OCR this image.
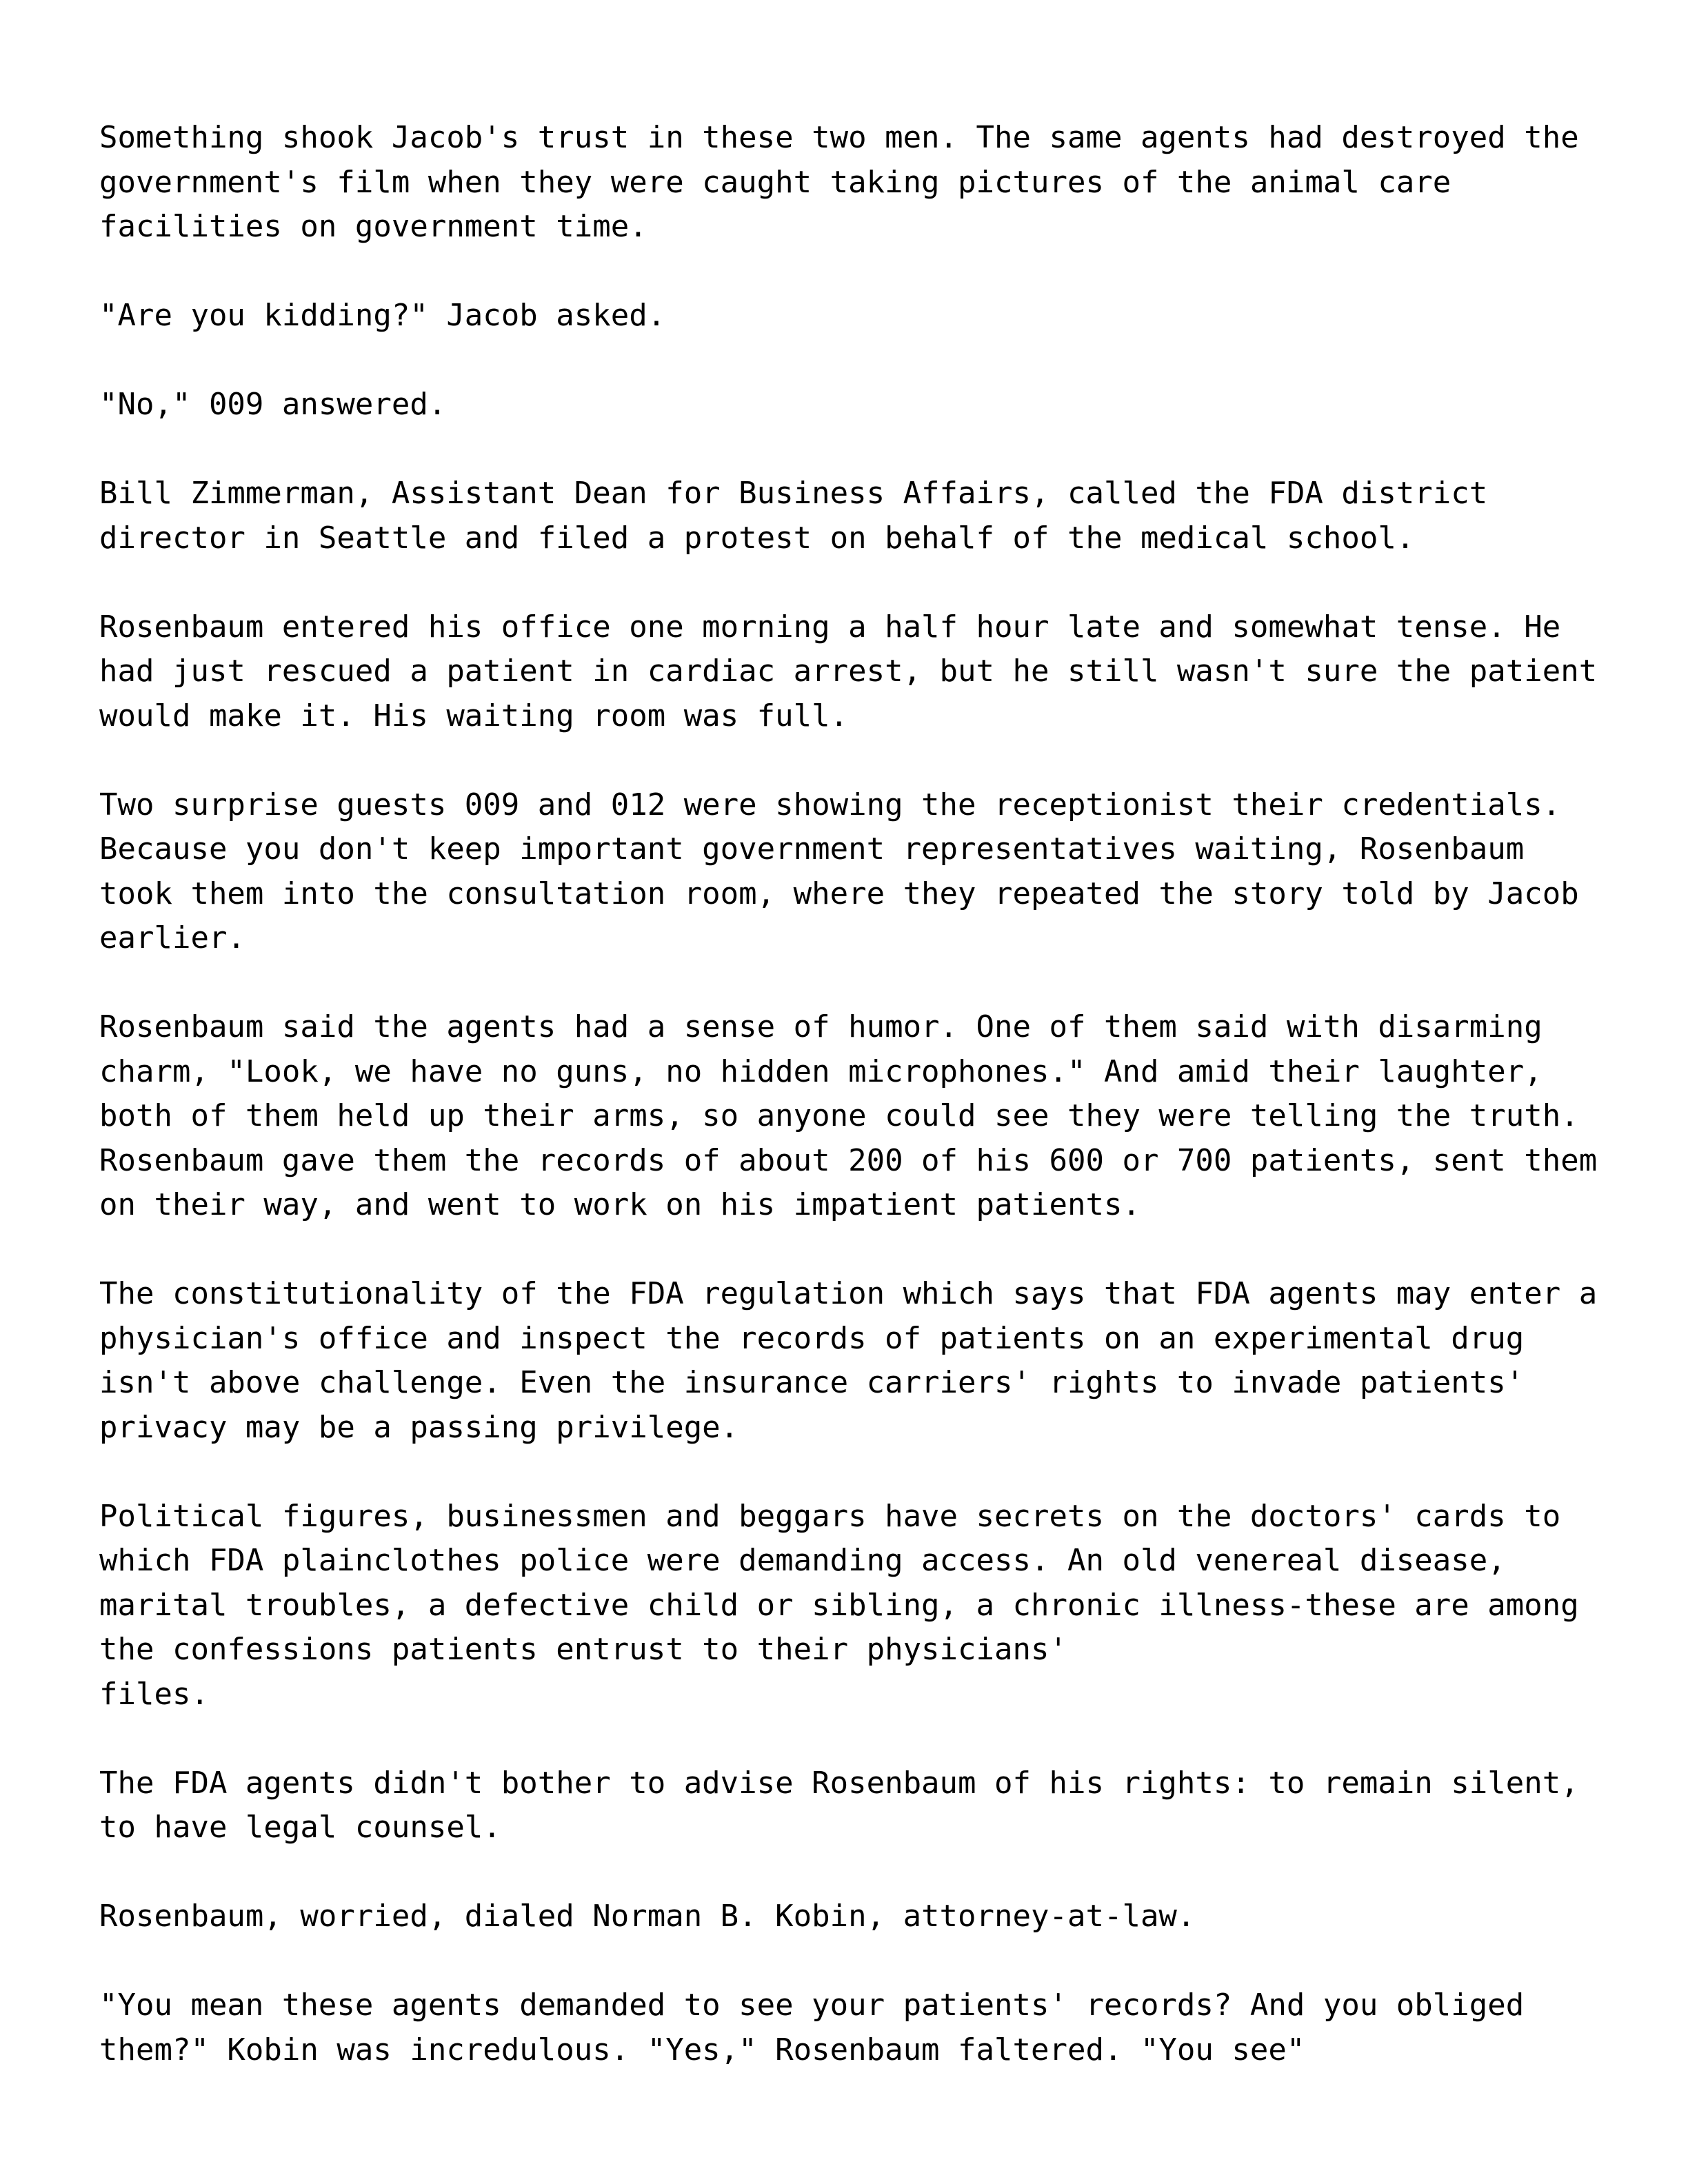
Something shook Jacob's trust in these two men. The same agents had destroyed the government's film when they were caught taking pictures of the animal care facilities on government time.

"Are you kidding?" Jacob asked.

"No," 009 answered.

Bill Zimmerman, Assistant Dean for Business Affairs, called the FDA district director in Seattle and filed a protest on behalf of the medical school.

Rosenbaum entered his office one morning a half hour late and somewhat tense. He had just rescued a patient in cardiac arrest, but he still wasn't sure the patient would make it. His waiting room was full.

Two surprise guests 009 and 012 were showing the receptionist their credentials. Because you don't keep important government representatives waiting, Rosenbaum took them into the consultation room, where they repeated the story told by Jacob earlier.

Rosenbaum said the agents had a sense of humor. One of them said with disarming charm, "Look, we have no guns, no hidden microphones." And amid their laughter, both of them held up their arms, so anyone could see they were telling the truth. Rosenbaum gave them the records of about 200 of his 600 or 700 patients, sent them on their way, and went to work on his impatient patients.

The constitutionality of the FDA regulation which says that FDA agents may enter a physician's office and inspect the records of patients on an experimental drug isn't above challenge. Even the insurance carriers' rights to invade patients' privacy may be a passing privilege.

Political figures, businessmen and beggars have secrets on the doctors' cards to which FDA plainclothes police were demanding access. An old venereal disease, marital troubles, a defective child or sibling, a chronic illness-these are among the confessions patients entrust to their physicians'
files.

The FDA agents didn't bother to advise Rosenbaum of his rights: to remain silent, to have legal counsel.

Rosenbaum, worried, dialed Norman B. Kobin, attorney-at-law.

"You mean these agents demanded to see your patients' records? And you obliged them?" Kobin was incredulous. "Yes," Rosenbaum faltered. "You see"
